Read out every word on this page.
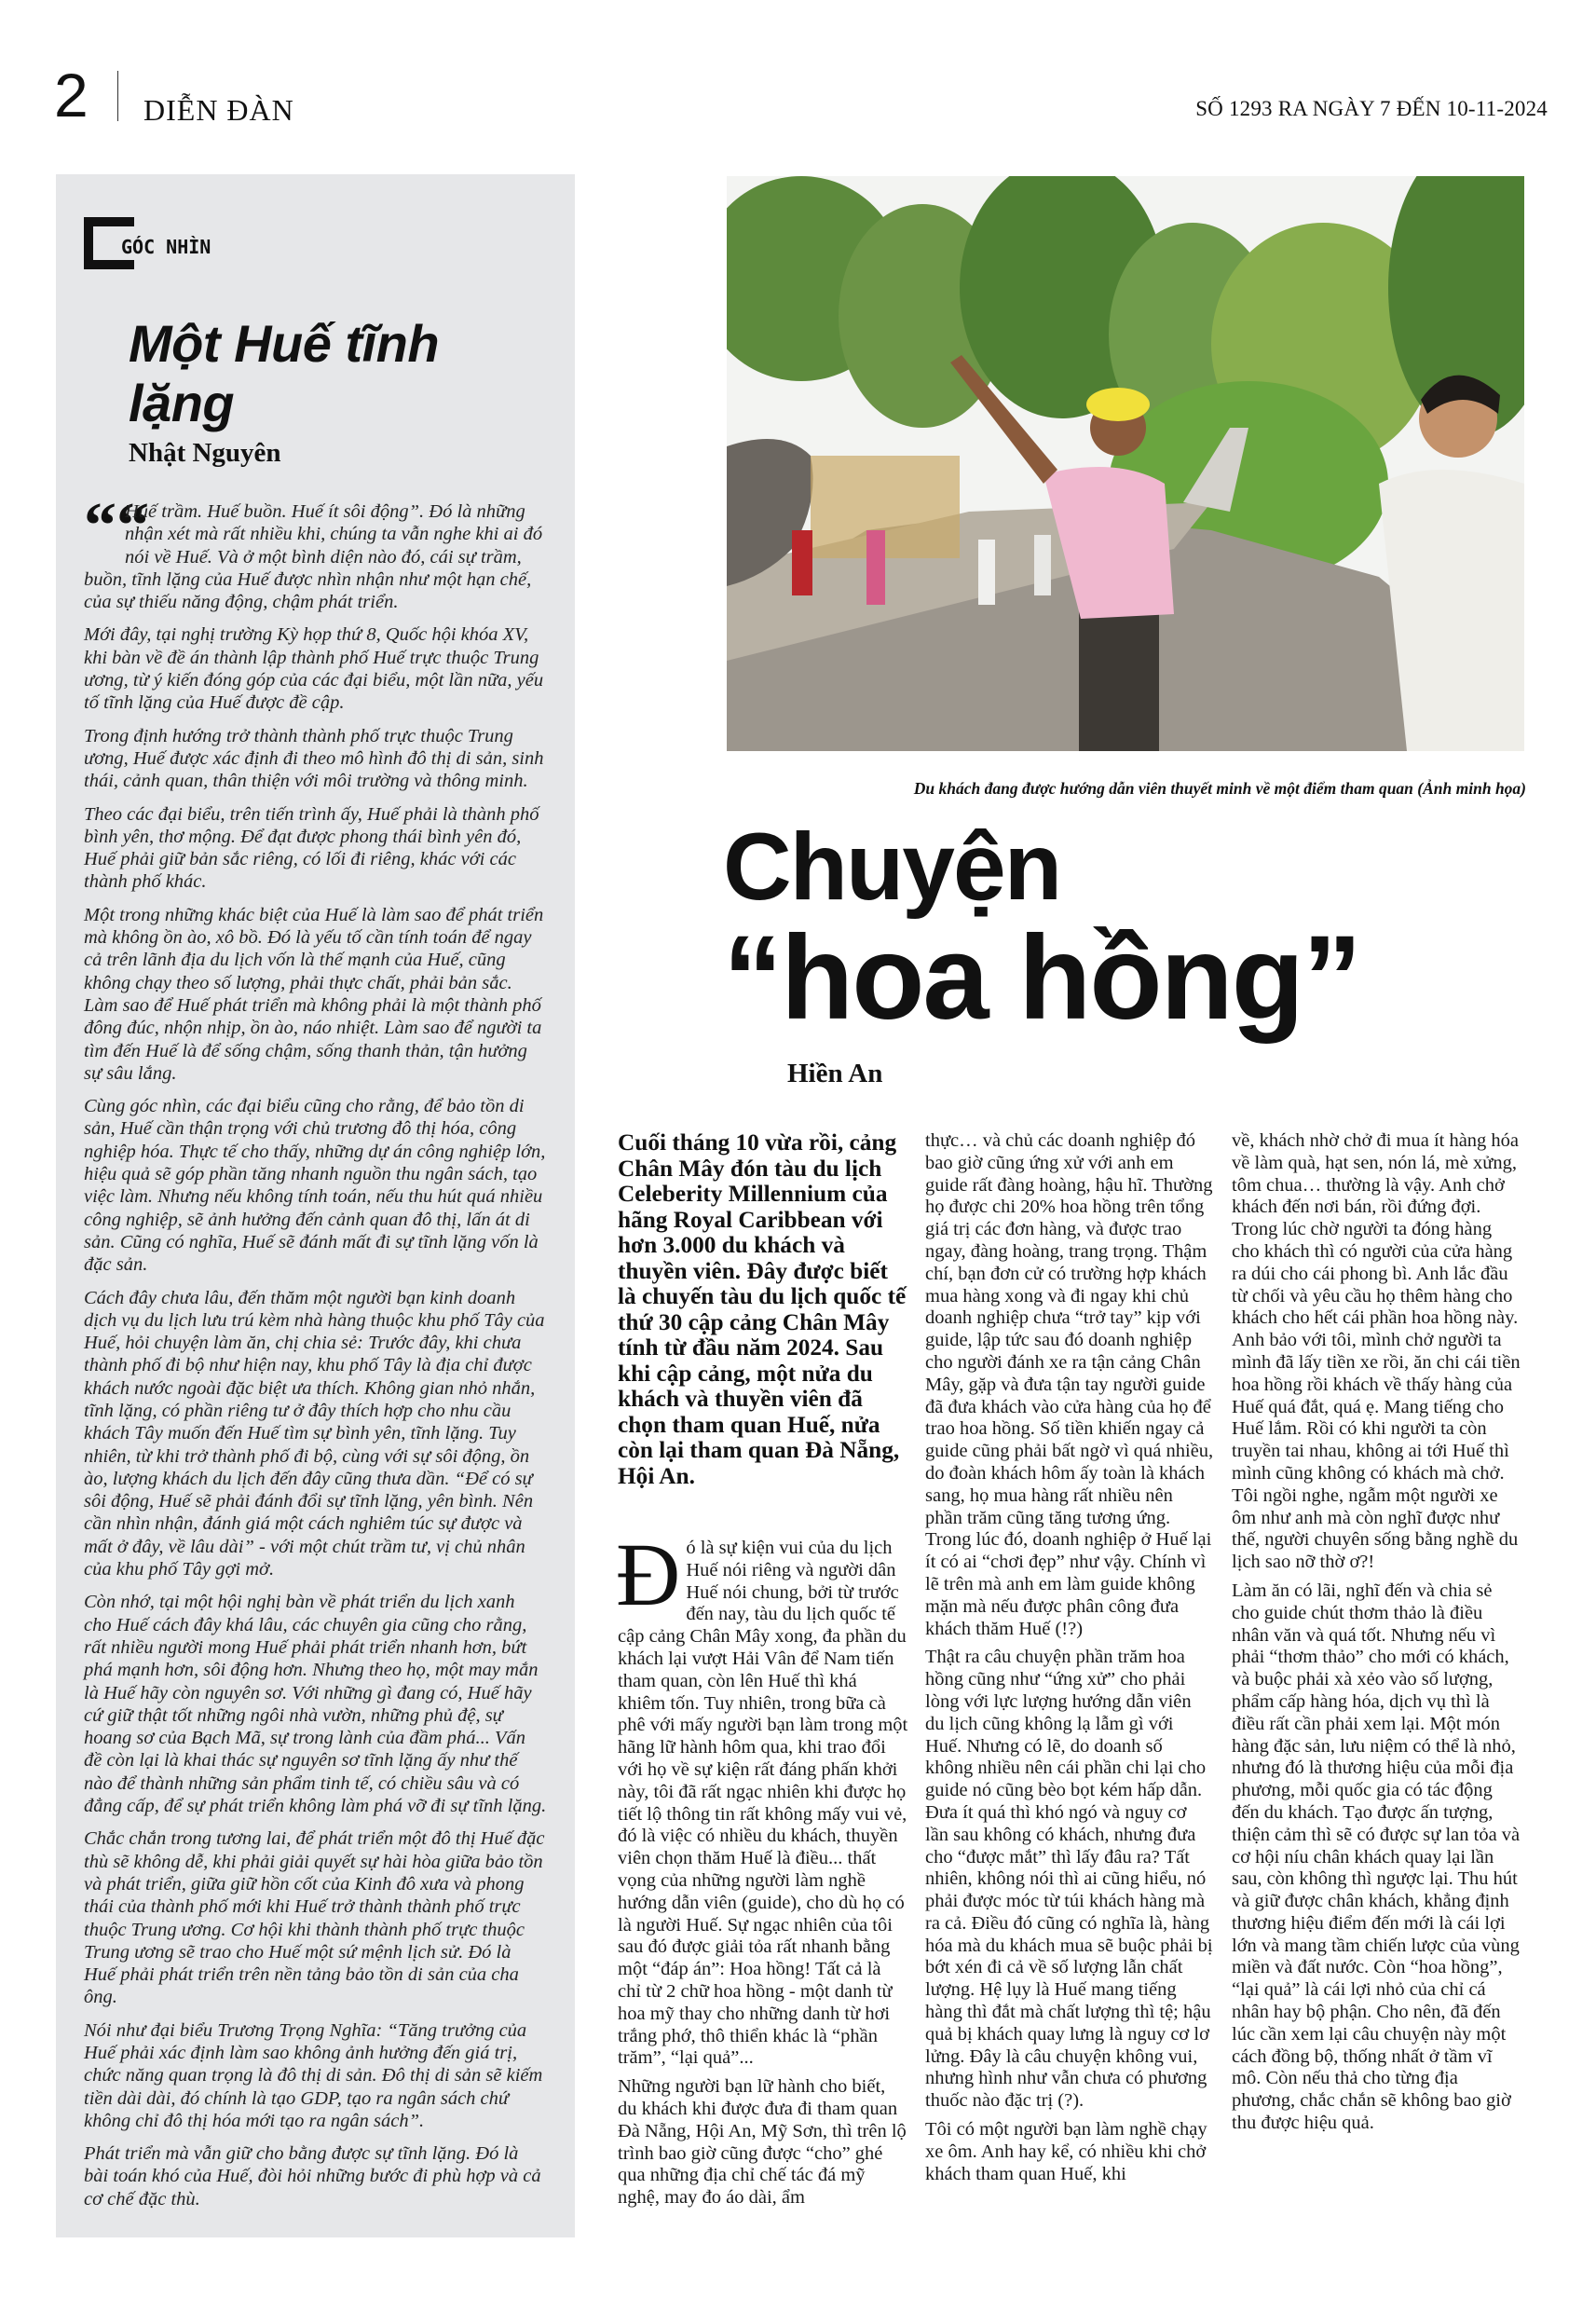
2 DIỄN ĐÀN	SỐ 1293 RA NGÀY 7 ĐẾN 10-11-2024
GÓC NHÌN
Một Huế tĩnh lặng
Nhật Nguyên

““
Huế trầm. Huế buồn. Huế ít sôi động”. Đó là những nhận xét mà rất nhiều khi, chúng ta vẫn nghe khi ai đó nói về Huế. Và ở một bình diện nào đó, cái sự trầm, buồn, tĩnh lặng của Huế được nhìn nhận như một hạn chế, của sự thiếu năng động, chậm phát triển.

Mới đây, tại nghị trường Kỳ họp thứ 8, Quốc hội khóa XV, khi bàn về đề án thành lập thành phố Huế trực thuộc Trung ương, từ ý kiến đóng góp của các đại biểu, một lần nữa, yếu tố tĩnh lặng của Huế được đề cập.

Trong định hướng trở thành thành phố trực thuộc Trung ương, Huế được xác định đi theo mô hình đô thị di sản, sinh thái, cảnh quan, thân thiện với môi trường và thông minh.

Theo các đại biểu, trên tiến trình ấy, Huế phải là thành phố bình yên, thơ mộng. Để đạt được phong thái bình yên đó, Huế phải giữ bản sắc riêng, có lối đi riêng, khác với các thành phố khác.

Một trong những khác biệt của Huế là làm sao để phát triển mà không ồn ào, xô bồ. Đó là yếu tố cần tính toán để ngay cả trên lãnh địa du lịch vốn là thế mạnh của Huế, cũng không chạy theo số lượng, phải thực chất, phải bản sắc. Làm sao để Huế phát triển mà không phải là một thành phố đông đúc, nhộn nhịp, ồn ào, náo nhiệt. Làm sao để người ta tìm đến Huế là để sống chậm, sống thanh thản, tận hưởng sự sâu lắng.

Cùng góc nhìn, các đại biểu cũng cho rằng, để bảo tồn di sản, Huế cần thận trọng với chủ trương đô thị hóa, công nghiệp hóa. Thực tế cho thấy, những dự án công nghiệp lớn, hiệu quả sẽ góp phần tăng nhanh nguồn thu ngân sách, tạo việc làm. Nhưng nếu không tính toán, nếu thu hút quá nhiều công nghiệp, sẽ ảnh hưởng đến cảnh quan đô thị, lấn át di sản. Cũng có nghĩa, Huế sẽ đánh mất đi sự tĩnh lặng vốn là đặc sản.

Cách đây chưa lâu, đến thăm một người bạn kinh doanh dịch vụ du lịch lưu trú kèm nhà hàng thuộc khu phố Tây của Huế, hỏi chuyện làm ăn, chị chia sẻ: Trước đây, khi chưa thành phố đi bộ như hiện nay, khu phố Tây là địa chỉ được khách nước ngoài đặc biệt ưa thích. Không gian nhỏ nhắn, tĩnh lặng, có phần riêng tư ở đây thích hợp cho nhu cầu khách Tây muốn đến Huế tìm sự bình yên, tĩnh lặng. Tuy nhiên, từ khi trở thành phố đi bộ, cùng với sự sôi động, ồn ào, lượng khách du lịch đến đây cũng thưa dần. “Để có sự sôi động, Huế sẽ phải đánh đổi sự tĩnh lặng, yên bình. Nên cần nhìn nhận, đánh giá một cách nghiêm túc sự được và mất ở đây, về lâu dài” - với một chút trầm tư, vị chủ nhân của khu phố Tây gợi mở.

Còn nhớ, tại một hội nghị bàn về phát triển du lịch xanh cho Huế cách đây khá lâu, các chuyên gia cũng cho rằng, rất nhiều người mong Huế phải phát triển nhanh hơn, bứt phá mạnh hơn, sôi động hơn. Nhưng theo họ, một may mắn là Huế hãy còn nguyên sơ. Với những gì đang có, Huế hãy cứ giữ thật tốt những ngôi nhà vườn, những phủ đệ, sự hoang sơ của Bạch Mã, sự trong lành của đầm phá... Vấn đề còn lại là khai thác sự nguyên sơ tĩnh lặng ấy như thế nào để thành những sản phẩm tinh tế, có chiều sâu và có đẳng cấp, để sự phát triển không làm phá vỡ đi sự tĩnh lặng.

Chắc chắn trong tương lai, để phát triển một đô thị Huế đặc thù sẽ không dễ, khi phải giải quyết sự hài hòa giữa bảo tồn và phát triển, giữa giữ hồn cốt của Kinh đô xưa và phong thái của thành phố mới khi Huế trở thành thành phố trực thuộc Trung ương. Cơ hội khi thành thành phố trực thuộc Trung ương sẽ trao cho Huế một sứ mệnh lịch sử. Đó là Huế phải phát triển trên nền tảng bảo tồn di sản của cha ông.

Nói như đại biểu Trương Trọng Nghĩa: “Tăng trưởng của Huế phải xác định làm sao không ảnh hưởng đến giá trị, chức năng quan trọng là đô thị di sản. Đô thị di sản sẽ kiếm tiền dài dài, đó chính là tạo GDP, tạo ra ngân sách chứ không chỉ đô thị hóa mới tạo ra ngân sách”.

Phát triển mà vẫn giữ cho bằng được sự tĩnh lặng. Đó là bài toán khó của Huế, đòi hỏi những bước đi phù hợp và cả cơ chế đặc thù.

Du khách đang được hướng dẫn viên thuyết minh về một điểm tham quan (Ảnh minh họa)
Chuyện
“hoa hồng”
Hiền An
Cuối tháng 10 vừa rồi, cảng Chân Mây đón tàu du lịch Celeberity Millennium của hãng Royal Caribbean với hơn 3.000 du khách và thuyền viên. Đây được biết là chuyến tàu du lịch quốc tế thứ 30 cập cảng Chân Mây tính từ đầu năm 2024. Sau khi cập cảng, một nửa du khách và thuyền viên đã chọn tham quan Huế, nửa còn lại tham quan Đà Nẵng, Hội An.

Đó là sự kiện vui của du lịch Huế nói riêng và người dân Huế nói chung, bởi từ trước đến nay, tàu du lịch quốc tế cập cảng Chân Mây xong, đa phần du khách lại vượt Hải Vân để Nam tiến tham quan, còn lên Huế thì khá khiêm tốn. Tuy nhiên, trong bữa cà phê với mấy người bạn làm trong một hãng lữ hành hôm qua, khi trao đổi với họ về sự kiện rất đáng phấn khởi này, tôi đã rất ngạc nhiên khi được họ tiết lộ thông tin rất không mấy vui vẻ, đó là việc có nhiều du khách, thuyền viên chọn thăm Huế là điều... thất vọng của những người làm nghề hướng dẫn viên (guide), cho dù họ có là người Huế. Sự ngạc nhiên của tôi sau đó được giải tỏa rất nhanh bằng một “đáp án”: Hoa hồng! Tất cả là chỉ từ 2 chữ hoa hồng - một danh từ hoa mỹ thay cho những danh từ hơi trắng phớ, thô thiển khác là “phần trăm”, “lại quả”...

Những người bạn lữ hành cho biết, du khách khi được đưa đi tham quan Đà Nẵng, Hội An, Mỹ Sơn, thì trên lộ trình bao giờ cũng được “cho” ghé qua những địa chỉ chế tác đá mỹ nghệ, may đo áo dài, ẩm

thực… và chủ các doanh nghiệp đó bao giờ cũng ứng xử với anh em guide rất đàng hoàng, hậu hĩ. Thường họ được chi 20% hoa hồng trên tổng giá trị các đơn hàng, và được trao ngay, đàng hoàng, trang trọng. Thậm chí, bạn đơn cử có trường hợp khách mua hàng xong và đi ngay khi chủ doanh nghiệp chưa “trở tay” kịp với guide, lập tức sau đó doanh nghiệp cho người đánh xe ra tận cảng Chân Mây, gặp và đưa tận tay người guide đã đưa khách vào cửa hàng của họ để trao hoa hồng. Số tiền khiến ngay cả guide cũng phải bất ngờ vì quá nhiều, do đoàn khách hôm ấy toàn là khách sang, họ mua hàng rất nhiều nên phần trăm cũng tăng tương ứng. Trong lúc đó, doanh nghiệp ở Huế lại ít có ai “chơi đẹp” như vậy. Chính vì lẽ trên mà anh em làm guide không mặn mà nếu được phân công đưa khách thăm Huế (!?)

Thật ra câu chuyện phần trăm hoa hồng cũng như “ứng xử” cho phải lòng với lực lượng hướng dẫn viên du lịch cũng không lạ lẫm gì với Huế. Nhưng có lẽ, do doanh số không nhiều nên cái phần chi lại cho guide nó cũng bèo bọt kém hấp dẫn. Đưa ít quá thì khó ngó và nguy cơ lần sau không có khách, nhưng đưa cho “được mắt” thì lấy đâu ra? Tất nhiên, không nói thì ai cũng hiểu, nó phải được móc từ túi khách hàng mà ra cả. Điều đó cũng có nghĩa là, hàng hóa mà du khách mua sẽ buộc phải bị bớt xén đi cả về số lượng lẫn chất lượng. Hệ lụy là Huế mang tiếng hàng thì đắt mà chất lượng thì tệ; hậu quả bị khách quay lưng là nguy cơ lơ lửng. Đây là câu chuyện không vui, nhưng hình như vẫn chưa có phương thuốc nào đặc trị (?).

Tôi có một người bạn làm nghề chạy xe ôm. Anh hay kể, có nhiều khi chở khách tham quan Huế, khi

về, khách nhờ chở đi mua ít hàng hóa về làm quà, hạt sen, nón lá, mè xửng, tôm chua… thường là vậy. Anh chở khách đến nơi bán, rồi đứng đợi. Trong lúc chờ người ta đóng hàng cho khách thì có người của cửa hàng ra dúi cho cái phong bì. Anh lắc đầu từ chối và yêu cầu họ thêm hàng cho khách cho hết cái phần hoa hồng này. Anh bảo với tôi, mình chở người ta mình đã lấy tiền xe rồi, ăn chi cái tiền hoa hồng rồi khách về thấy hàng của Huế quá đắt, quá ẹ. Mang tiếng cho Huế lắm. Rồi có khi người ta còn truyền tai nhau, không ai tới Huế thì mình cũng không có khách mà chở. Tôi ngồi nghe, ngẫm một người xe ôm như anh mà còn nghĩ được như thế, người chuyên sống bằng nghề du lịch sao nỡ thờ ơ?!

Làm ăn có lãi, nghĩ đến và chia sẻ cho guide chút thơm thảo là điều nhân văn và quá tốt. Nhưng nếu vì phải “thơm thảo” cho mới có khách, và buộc phải xà xẻo vào số lượng, phẩm cấp hàng hóa, dịch vụ thì là điều rất cần phải xem lại. Một món hàng đặc sản, lưu niệm có thể là nhỏ, nhưng đó là thương hiệu của mỗi địa phương, mỗi quốc gia có tác động đến du khách. Tạo được ấn tượng, thiện cảm thì sẽ có được sự lan tỏa và cơ hội níu chân khách quay lại lần sau, còn không thì ngược lại. Thu hút và giữ được chân khách, khẳng định thương hiệu điểm đến mới là cái lợi lớn và mang tầm chiến lược của vùng miền và đất nước. Còn “hoa hồng”, “lại quả” là cái lợi nhỏ của chỉ cá nhân hay bộ phận. Cho nên, đã đến lúc cần xem lại câu chuyện này một cách đồng bộ, thống nhất ở tầm vĩ mô. Còn nếu thả cho từng địa phương, chắc chắn sẽ không bao giờ thu được hiệu quả.
